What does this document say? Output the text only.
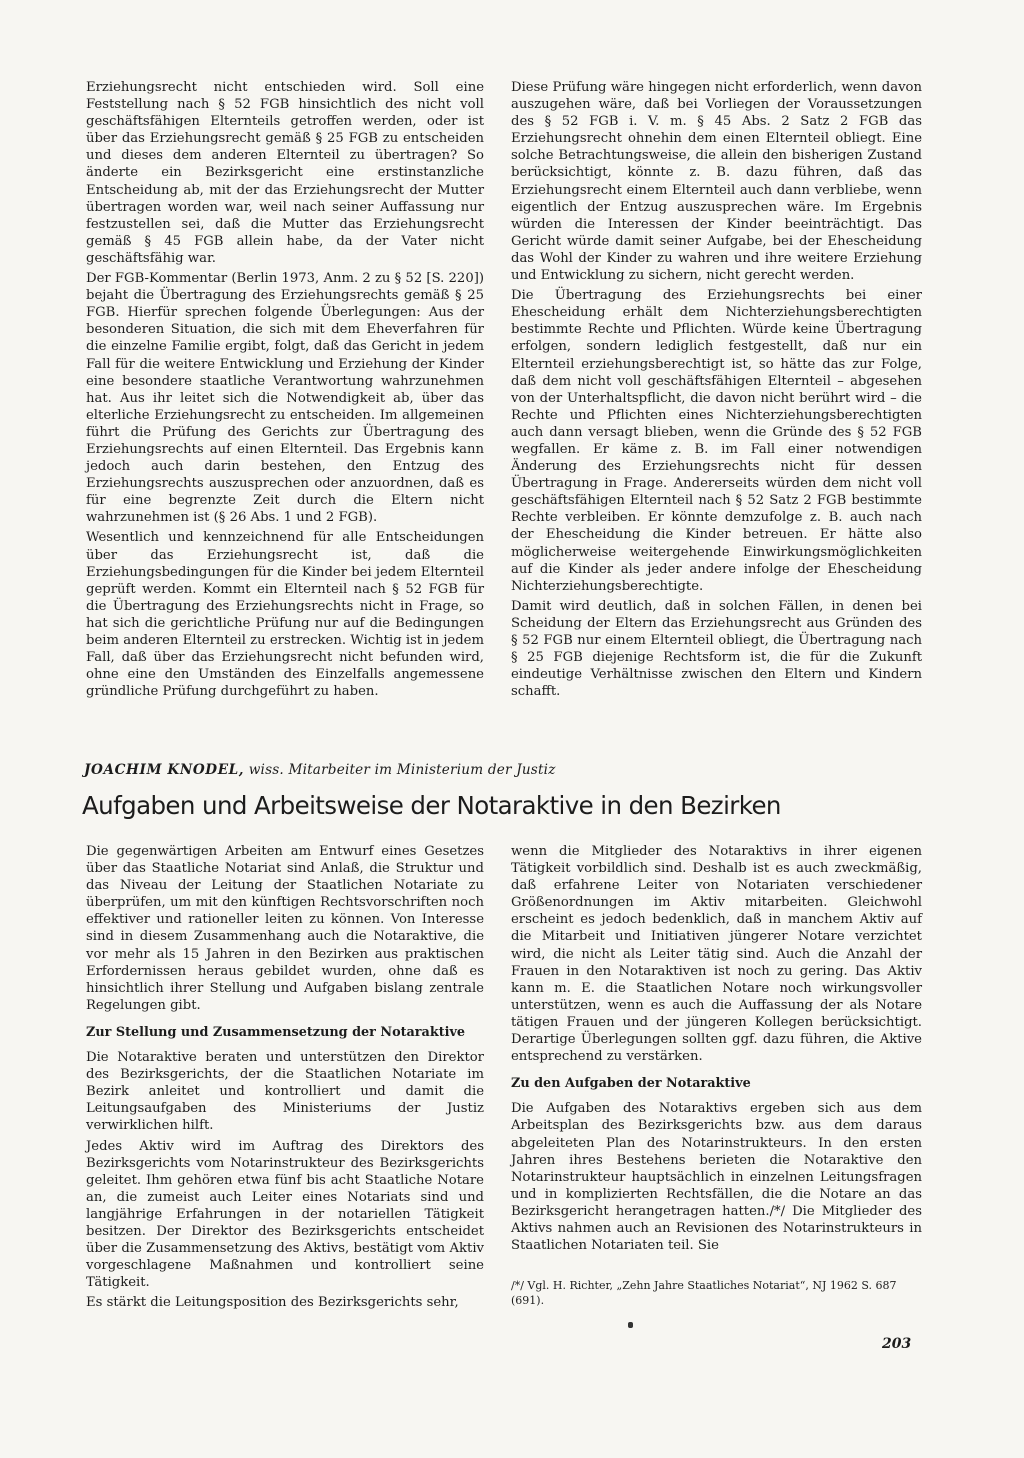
Erziehungsrecht nicht entschieden wird. Soll eine Feststellung nach § 52 FGB hinsichtlich des nicht voll geschäftsfähigen Elternteils getroffen werden, oder ist über das Erziehungsrecht gemäß § 25 FGB zu entscheiden und dieses dem anderen Elternteil zu übertragen? So änderte ein Bezirksgericht eine erstinstanzliche Entscheidung ab, mit der das Erziehungsrecht der Mutter übertragen worden war, weil nach seiner Auffassung nur festzustellen sei, daß die Mutter das Erziehungsrecht gemäß § 45 FGB allein habe, da der Vater nicht geschäftsfähig war.

Der FGB-Kommentar (Berlin 1973, Anm. 2 zu § 52 [S. 220]) bejaht die Übertragung des Erziehungsrechts gemäß § 25 FGB. Hierfür sprechen folgende Überlegungen: Aus der besonderen Situation, die sich mit dem Eheverfahren für die einzelne Familie ergibt, folgt, daß das Gericht in jedem Fall für die weitere Entwicklung und Erziehung der Kinder eine besondere staatliche Verantwortung wahrzunehmen hat. Aus ihr leitet sich die Notwendigkeit ab, über das elterliche Erziehungsrecht zu entscheiden. Im allgemeinen führt die Prüfung des Gerichts zur Übertragung des Erziehungsrechts auf einen Elternteil. Das Ergebnis kann jedoch auch darin bestehen, den Entzug des Erziehungsrechts auszusprechen oder anzuordnen, daß es für eine begrenzte Zeit durch die Eltern nicht wahrzunehmen ist (§ 26 Abs. 1 und 2 FGB).

Wesentlich und kennzeichnend für alle Entscheidungen über das Erziehungsrecht ist, daß die Erziehungsbedingungen für die Kinder bei jedem Elternteil geprüft werden. Kommt ein Elternteil nach § 52 FGB für die Übertragung des Erziehungsrechts nicht in Frage, so hat sich die gerichtliche Prüfung nur auf die Bedingungen beim anderen Elternteil zu erstrecken. Wichtig ist in jedem Fall, daß über das Erziehungsrecht nicht befunden wird, ohne eine den Umständen des Einzelfalls angemessene gründliche Prüfung durchgeführt zu haben.

Diese Prüfung wäre hingegen nicht erforderlich, wenn davon auszugehen wäre, daß bei Vorliegen der Voraussetzungen des § 52 FGB i. V. m. § 45 Abs. 2 Satz 2 FGB das Erziehungsrecht ohnehin dem einen Elternteil obliegt. Eine solche Betrachtungsweise, die allein den bisherigen Zustand berücksichtigt, könnte z. B. dazu führen, daß das Erziehungsrecht einem Elternteil auch dann verbliebe, wenn eigentlich der Entzug auszusprechen wäre. Im Ergebnis würden die Interessen der Kinder beeinträchtigt. Das Gericht würde damit seiner Aufgabe, bei der Ehescheidung das Wohl der Kinder zu wahren und ihre weitere Erziehung und Entwicklung zu sichern, nicht gerecht werden.

Die Übertragung des Erziehungsrechts bei einer Ehescheidung erhält dem Nichterziehungsberechtigten bestimmte Rechte und Pflichten. Würde keine Übertragung erfolgen, sondern lediglich festgestellt, daß nur ein Elternteil erziehungsberechtigt ist, so hätte das zur Folge, daß dem nicht voll geschäftsfähigen Elternteil – abgesehen von der Unterhaltspflicht, die davon nicht berührt wird – die Rechte und Pflichten eines Nichterziehungsberechtigten auch dann versagt blieben, wenn die Gründe des § 52 FGB wegfallen. Er käme z. B. im Fall einer notwendigen Änderung des Erziehungsrechts nicht für dessen Übertragung in Frage. Andererseits würden dem nicht voll geschäftsfähigen Elternteil nach § 52 Satz 2 FGB bestimmte Rechte verbleiben. Er könnte demzufolge z. B. auch nach der Ehescheidung die Kinder betreuen. Er hätte also möglicherweise weitergehende Einwirkungsmöglichkeiten auf die Kinder als jeder andere infolge der Ehescheidung Nichterziehungsberechtigte.

Damit wird deutlich, daß in solchen Fällen, in denen bei Scheidung der Eltern das Erziehungsrecht aus Gründen des § 52 FGB nur einem Elternteil obliegt, die Übertragung nach § 25 FGB diejenige Rechtsform ist, die für die Zukunft eindeutige Verhältnisse zwischen den Eltern und Kindern schafft.

JOACHIM KNODEL, wiss. Mitarbeiter im Ministerium der Justiz
Aufgaben und Arbeitsweise der Notaraktive in den Bezirken

Die gegenwärtigen Arbeiten am Entwurf eines Gesetzes über das Staatliche Notariat sind Anlaß, die Struktur und das Niveau der Leitung der Staatlichen Notariate zu überprüfen, um mit den künftigen Rechtsvorschriften noch effektiver und rationeller leiten zu können. Von Interesse sind in diesem Zusammenhang auch die Notaraktive, die vor mehr als 15 Jahren in den Bezirken aus praktischen Erfordernissen heraus gebildet wurden, ohne daß es hinsichtlich ihrer Stellung und Aufgaben bislang zentrale Regelungen gibt.

Zur Stellung und Zusammensetzung der Notaraktive

Die Notaraktive beraten und unterstützen den Direktor des Bezirksgerichts, der die Staatlichen Notariate im Bezirk anleitet und kontrolliert und damit die Leitungsaufgaben des Ministeriums der Justiz verwirklichen hilft.

Jedes Aktiv wird im Auftrag des Direktors des Bezirksgerichts vom Notarinstrukteur des Bezirksgerichts geleitet. Ihm gehören etwa fünf bis acht Staatliche Notare an, die zumeist auch Leiter eines Notariats sind und langjährige Erfahrungen in der notariellen Tätigkeit besitzen. Der Direktor des Bezirksgerichts entscheidet über die Zusammensetzung des Aktivs, bestätigt vom Aktiv vorgeschlagene Maßnahmen und kontrolliert seine Tätigkeit.

Es stärkt die Leitungsposition des Bezirksgerichts sehr,

wenn die Mitglieder des Notaraktivs in ihrer eigenen Tätigkeit vorbildlich sind. Deshalb ist es auch zweckmäßig, daß erfahrene Leiter von Notariaten verschiedener Größenordnungen im Aktiv mitarbeiten. Gleichwohl erscheint es jedoch bedenklich, daß in manchem Aktiv auf die Mitarbeit und Initiativen jüngerer Notare verzichtet wird, die nicht als Leiter tätig sind. Auch die Anzahl der Frauen in den Notaraktiven ist noch zu gering. Das Aktiv kann m. E. die Staatlichen Notare noch wirkungsvoller unterstützen, wenn es auch die Auffassung der als Notare tätigen Frauen und der jüngeren Kollegen berücksichtigt. Derartige Überlegungen sollten ggf. dazu führen, die Aktive entsprechend zu verstärken.

Zu den Aufgaben der Notaraktive

Die Aufgaben des Notaraktivs ergeben sich aus dem Arbeitsplan des Bezirksgerichts bzw. aus dem daraus abgeleiteten Plan des Notarinstrukteurs. In den ersten Jahren ihres Bestehens berieten die Notaraktive den Notarinstrukteur hauptsächlich in einzelnen Leitungsfragen und in komplizierten Rechtsfällen, die die Notare an das Bezirksgericht herangetragen hatten./*/ Die Mitglieder des Aktivs nahmen auch an Revisionen des Notarinstrukteurs in Staatlichen Notariaten teil. Sie

/*/ Vgl. H. Richter, „Zehn Jahre Staatliches Notariat“, NJ 1962 S. 687 (691).

203
